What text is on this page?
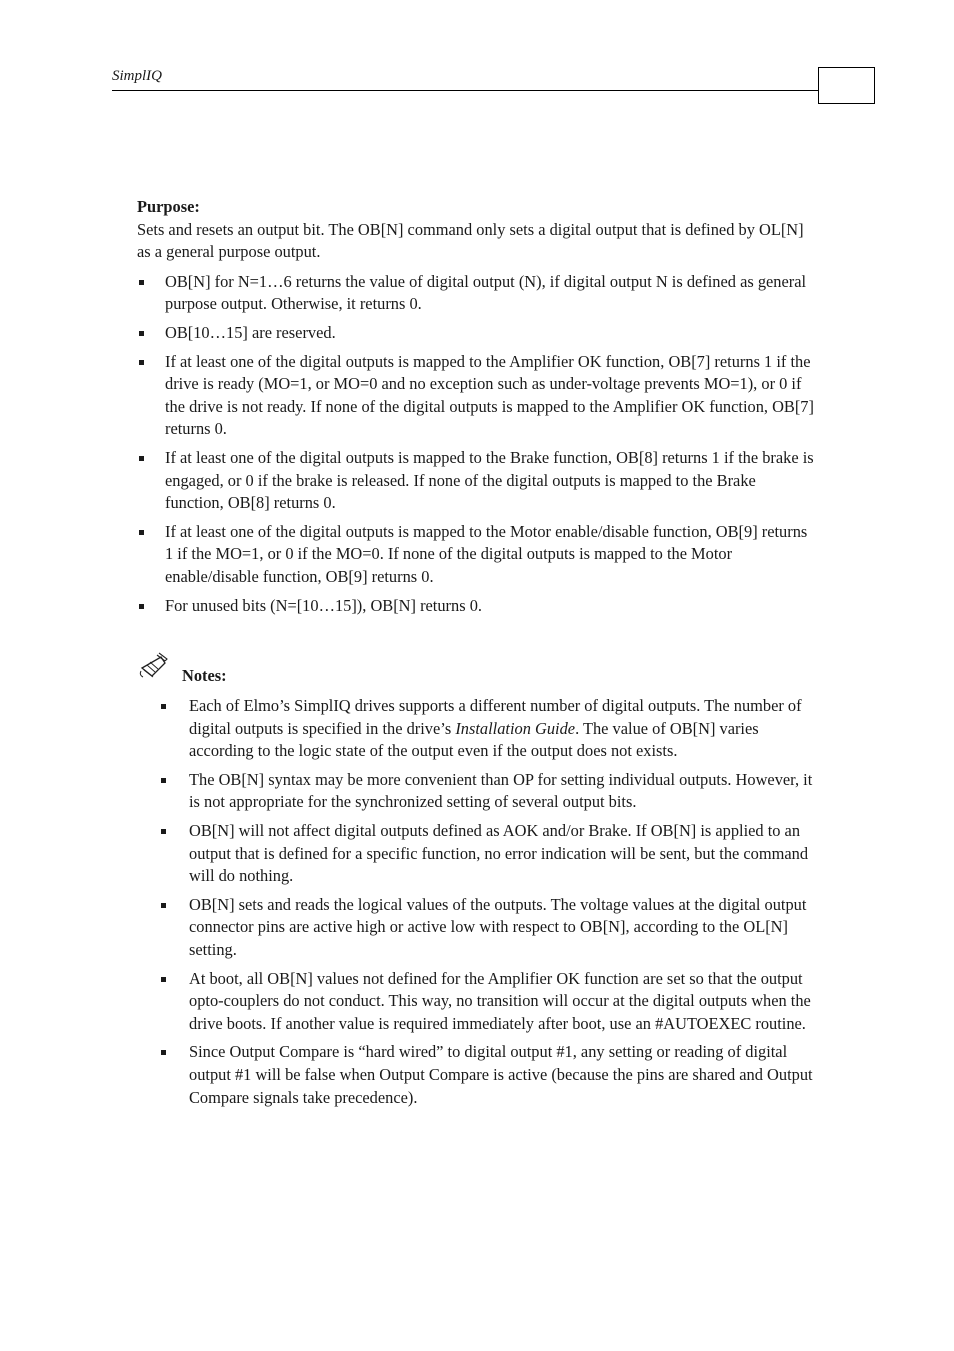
SimplIQ
Purpose:

Sets and resets an output bit. The OB[N] command only sets a digital output that is defined by OL[N] as a general purpose output.

OB[N] for N=1…6 returns the value of digital output (N), if digital output N is defined as general purpose output. Otherwise, it returns 0.
OB[10…15] are reserved.
If at least one of the digital outputs is mapped to the Amplifier OK function, OB[7] returns 1 if the drive is ready (MO=1, or MO=0 and no exception such as under-voltage prevents MO=1), or 0 if the drive is not ready. If none of the digital outputs is mapped to the Amplifier OK function, OB[7] returns 0.
If at least one of the digital outputs is mapped to the Brake function, OB[8] returns 1 if the brake is engaged, or 0 if the brake is released. If none of the digital outputs is mapped to the Brake function, OB[8] returns 0.
If at least one of the digital outputs is mapped to the Motor enable/disable function, OB[9] returns 1 if the MO=1, or 0 if the MO=0. If none of the digital outputs is mapped to the Motor enable/disable function, OB[9] returns 0.
For unused bits (N=[10…15]), OB[N] returns 0.
Notes:
Each of Elmo’s SimplIQ drives supports a different number of digital outputs. The number of digital outputs is specified in the drive’s Installation Guide. The value of OB[N] varies according to the logic state of the output even if the output does not exists.
The OB[N] syntax may be more convenient than OP for setting individual outputs. However, it is not appropriate for the synchronized setting of several output bits.
OB[N] will not affect digital outputs defined as AOK and/or Brake. If OB[N] is applied to an output that is defined for a specific function, no error indication will be sent, but the command will do nothing.
OB[N] sets and reads the logical values of the outputs. The voltage values at the digital output connector pins are active high or active low with respect to OB[N], according to the OL[N] setting.
At boot, all OB[N] values not defined for the Amplifier OK function are set so that the output opto-couplers do not conduct. This way, no transition will occur at the digital outputs when the drive boots. If another value is required immediately after boot, use an #AUTOEXEC routine.
Since Output Compare is “hard wired” to digital output #1, any setting or reading of digital output #1 will be false when Output Compare is active (because the pins are shared and Output Compare signals take precedence).
